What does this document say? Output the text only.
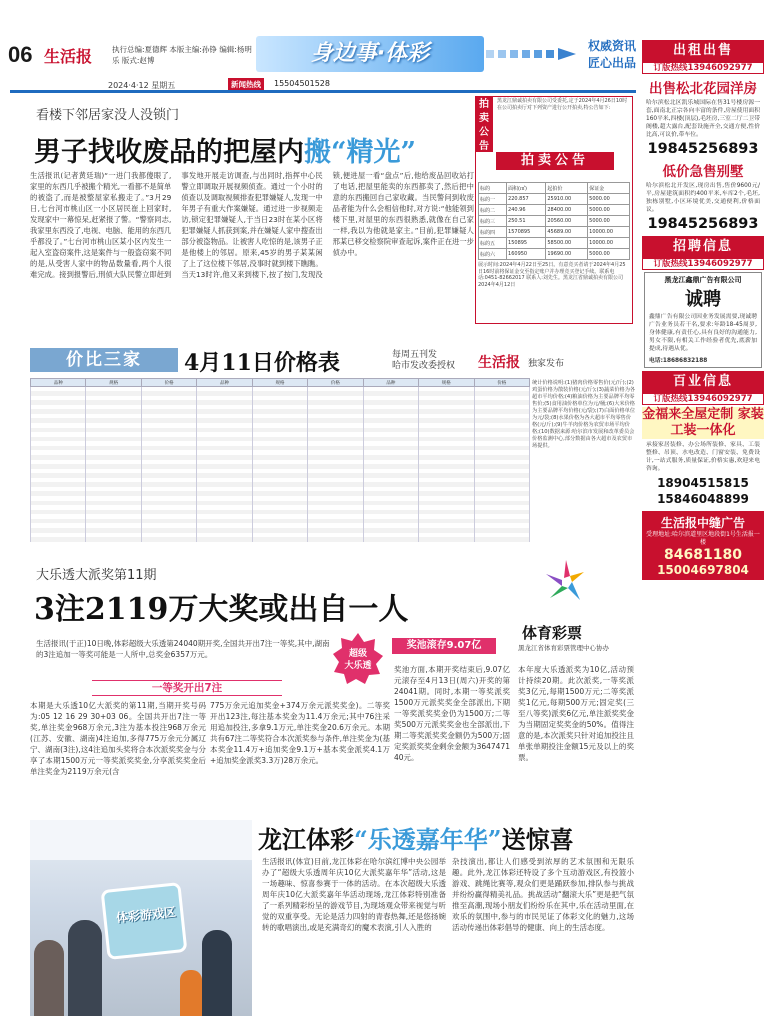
06 生活报	执行总编:夏德辉 本版主编:孙铮 编辑:杨明乐 版式:赵博
2024·4·12 星期五	新闻热线	15504501528
身边事·体彩	权威资讯
匠心出品
看楼下邻居家没人没锁门
男子找收废品的把屋内搬“精光”
生活报讯(记者黄廷瑞)“一进门我都傻眼了,家里的东西几乎被搬个精光,一看都不是简单的被盗了,而是被整屋家私搬走了。”3月29日,七台河市桃山区一小区居民崔上回家时,发现家中一幕惊呆,赶紧报了警。“警察同志,我家里东西没了,电视、电脑、能用的东西几乎都没了。”七台河市桃山区某小区内发生一起入室盗窃案件,这是案件与一般盗窃案不同的是,从受害人家中的物品数量看,两个人很难完成。接到报警后,刑侦大队民警立即赶到事发地开展走访调查,与出同时,指挥中心民警立即调取开展视频侦查。通过一个小时的侦查以及调取视频排查犯罪嫌疑人,发现一中年男子有重大作案嫌疑。通过进一步视频走访,锁定犯罪嫌疑人,于当日23时在某小区将犯罪嫌疑人抓获到案,并在嫌疑人家中搜查出部分被盗物品。让被害人吃惊的是,该男子正是他楼上的邻居。原来,45岁的男子某某闲了上了这位楼下邻居,没事时就到楼下瞧瞧。当天13时许,他又来到楼下,按了按门,发现没锁,便进屋一看“盘点”后,他给废品回收站打了电话,把屋里能卖的东西都卖了,然后把中意的东西搬回自己家收藏。当民警问到收废品者能为什么会相信他时,对方说:“他能领到楼下里,对屋里的东西很熟悉,就像在自己家一样,我以为他就是家主。”目前,犯罪嫌疑人邢某已移交检察院审查起诉,案件正在进一步侦办中。
拍卖公告
黑龙江鼎诚拍卖有限公司受委托,定于2024年4月26日10时在公司拍卖厅对下列资产进行公开拍卖,特公告如下:
拍卖公告
标的	面积(㎡)	起拍价	保证金
标的一	220.857	25910.00	5000.00
标的二	240.96	28400.00	5000.00
标的三	250.51	20560.00	5000.00
标的四	1570895	45689.00	10000.00
标的五	150895	58500.00	10000.00
标的六	160950	19690.00	5000.00
展示时间:2024年4月22日至25日。有意竞买者请于2024年4月25日16时前将保证金交至指定账户并办理竞买登记手续。联系电话:0451-82662017 联系人:刘先生。黑龙江省鼎诚拍卖有限公司 2024年4月12日
价比三家	4月11日价格表	每周五刊发
哈市发改委授权 生活报 独家发布
品种	规格	价格	品种	规格	价格	品种	规格	价格

									统计价格说明:(1)猪肉价格零售价(元/斤);(2)鸡蛋价格为散装价格(元/斤);(3)蔬菜价格为各超市平均价格;(4)粮油价格为主要品牌平均零售价;(5)食用油价格单位为元/桶;(6)大米价格为主要品牌平均价格(元/袋);(7)白面价格单位为元/袋;(8)水果价格为各大超市平均零售价格(元/斤);(9)牛羊肉价格为农贸市场平均价格;(10)数据来源:哈尔滨市发展和改革委员会价格监测中心,部分数据由各大超市及农贸市场提供。
大乐透大派奖第11期
3注2119万大奖或出自一人
体育彩票
黑龙江省体育彩票管理中心协办
生活报讯(于正)10日晚,体彩超级大乐透第24040期开奖,全国共开出7注一等奖,其中,湖南的3注追加一等奖可能是一人所中,总奖金6357万元。	超级
大乐透
奖池滚存9.07亿
奖池方面,本期开奖结束后,9.07亿元滚存至4月13日(周六)开奖的第24041期。同时,本期一等奖派奖1500万元派奖奖金全部派出,下期一等奖派奖奖金仍为1500万;二等奖500万元派奖奖金也全部派出,下期二等奖派奖奖金额仍为500万;固定奖派奖奖金剩余金额为3647471 40元。
本年度大乐透派奖为10亿,活动预计持续20期。此次派奖,一等奖派奖3亿元,每期1500万元;二等奖派奖1亿元,每期500万元;固定奖(三至八等奖)派奖6亿元,单注派奖奖金为当期固定奖奖金的50%。值得注意的是,本次派奖只针对追加投注且单张单期投注金额15元及以上的奖票。
一等奖开出7注
本期是大乐透10亿大派奖的第11期,当期开奖号码为:05 12 16 29 30+03 06。全国共开出7注一等奖,单注奖金968万余元,3注为基本投注968万余元(江苏、安徽、湖南)4注追加,多得775万余元分属辽宁、湖南(3注),这4注追加头奖将合本次派奖奖金与分享了本期1500万元一等奖派奖奖金,分享派奖奖金后单注奖金为2119万余元(含
775万余元追加奖金+374万余元派奖奖金)。二等奖开出123注,每注基本奖金为11.4万余元;其中76注采用追加投注,多拿9.1万元,单注奖金20.6万余元。本期共有67注二等奖符合本次派奖参与条件,单注奖金为(基本奖金11.4万+追加奖金9.1万+基本奖金派奖4.1万+追加奖金派奖3.3万)28万余元。
体彩游戏区
龙江体彩“乐透嘉年华”送惊喜
生活报讯(体宣)目前,龙江体彩在哈尔滨红博中央公园举办了“超级大乐透周年庆10亿大派奖嘉年华”活动,这是一场趣味、惊喜参赛于一体的活动。在本次超级大乐透周年庆10亿大派奖嘉年华活动现场,龙江体彩特别准备了一系列精彩纷呈的游戏节目,为现场观众带来视觉与听觉的双重享受。无论是活力四射的青春热舞,还是悠扬婉转的歌唱演出,或是充满奇幻的魔术表演,引人入胜的
杂技演出,都让人们感受到浓厚的艺术氛围和无限乐趣。此外,龙江体彩还特设了多个互动游戏区,有投篮小游戏、跳绳比赛等,观众们更是踊跃参加,排队参与挑战并纷纷赢得精美礼品。挑战活动“翻滚大乐”更是把气氛推至高潮,现场小朋友们纷纷乐在其中,乐在活动里面,在欢乐的氛围中,参与的市民见证了体彩文化的魅力,这场活动传递出体彩倡导的健康、向上的生活态度。
出租出售
订版热线13946092977
出售松北花园洋房
哈尔滨松北区凯乐城国际在售31号楼房源一套,面南北正宗各向丰富的条件,房屋使用面积160平米,四楼(顶层),毛坯房,三室二厅二卫带阁楼,超大露台,配套设施齐全,交通方便,性价比高,可议价,带车位。
19845256893
低价急售别墅
哈尔滨松北开发区,现房出售,售价9600元/平,房屋建筑面积约400平米,车库2个,毛坯,独栋别墅,小区环境优美,交通便利,价格面议。
19845256893
招聘信息
订版热线13946092977
黑龙江鑫鼎广告有限公司
诚聘
鑫鼎广告有限公司因业务发展需要,现诚聘广告业务员若干名,要求:年龄18-45周岁,身体健康,有责任心,具有良好的沟通能力,男女不限,有相关工作经验者优先,底薪加提成,待遇从优。
电话:18686832188
百业信息
订版热线13946092977
金福来全屋定制 家装工装一体化
承接家居装修、办公场所装修、家具、工装整修、吊顶、水电改造、门窗安装、免费设计,一站式服务,质量保证,价格实惠,欢迎来电咨询。
18904515815
15846048899
生活报中缝广告
受理地址:哈尔滨道里区地段街1号生活报一楼
84681180
15004697804
